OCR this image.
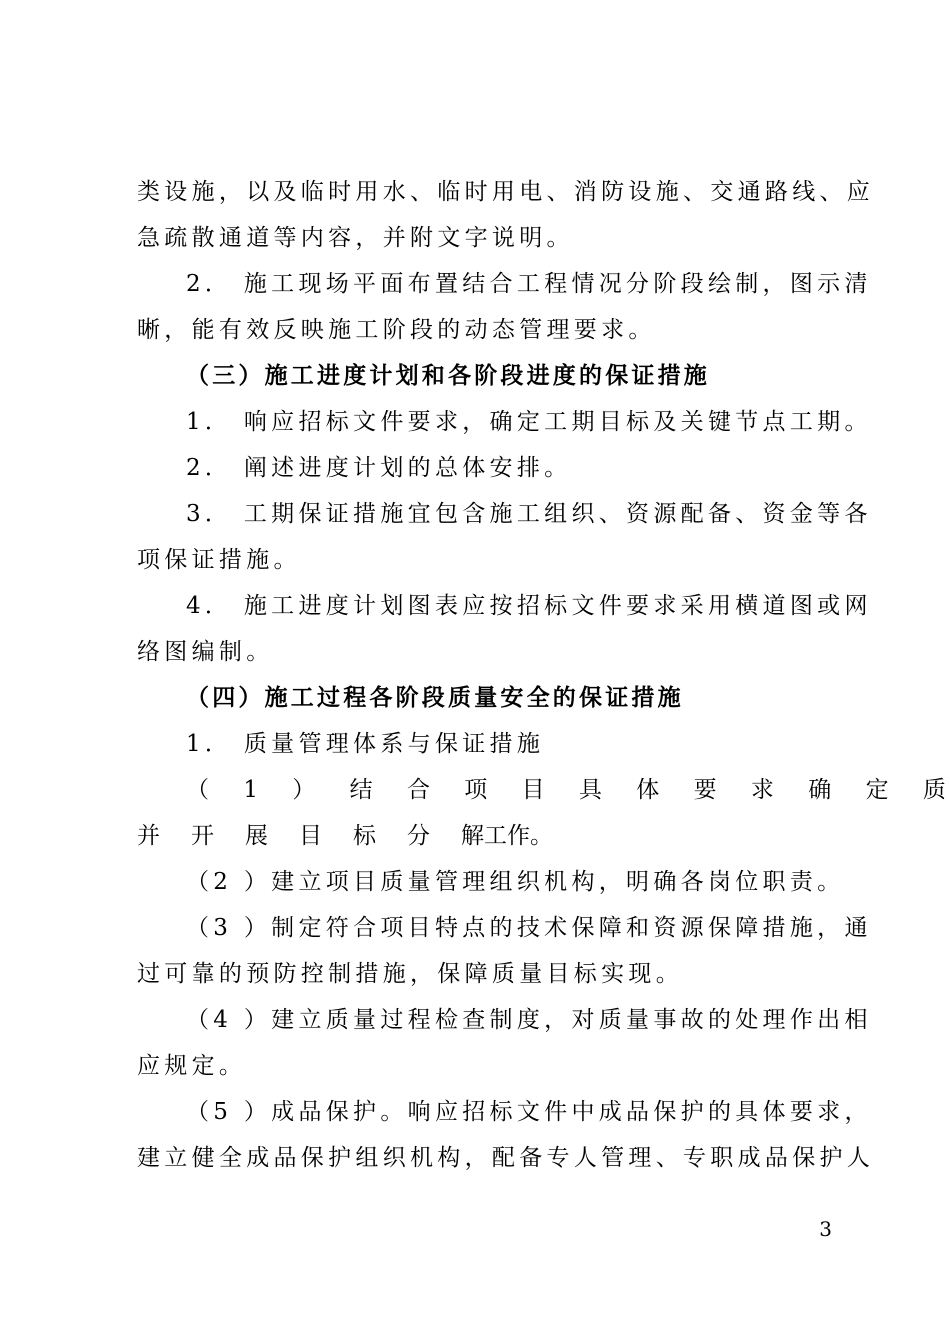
类设施，以及临时用水、临时用电、消防设施、交通路线、应

急疏散通道等内容，并附文字说明。

2． 施工现场平面布置结合工程情况分阶段绘制，图示清

晰，能有效反映施工阶段的动态管理要求。

（三）施工进度计划和各阶段进度的保证措施

1． 响应招标文件要求，确定工期目标及关键节点工期。

2． 阐述进度计划的总体安排。

3． 工期保证措施宜包含施工组织、资源配备、资金等各

项保证措施。

4． 施工进度计划图表应按招标文件要求采用横道图或网

络图编制。

（四）施工过程各阶段质量安全的保证措施

1． 质量管理体系与保证措施

（ 1 ） 结 合 项 目 具 体 要 求 确 定 质

并	开	展	目	标	分	解工作。

（2 ）建立项目质量管理组织机构，明确各岗位职责。

（3 ）制定符合项目特点的技术保障和资源保障措施，通

过可靠的预防控制措施，保障质量目标实现。

（4 ）建立质量过程检查制度，对质量事故的处理作出相

应规定。

（5 ）成品保护。响应招标文件中成品保护的具体要求，

建立健全成品保护组织机构，配备专人管理、专职成品保护人

3
